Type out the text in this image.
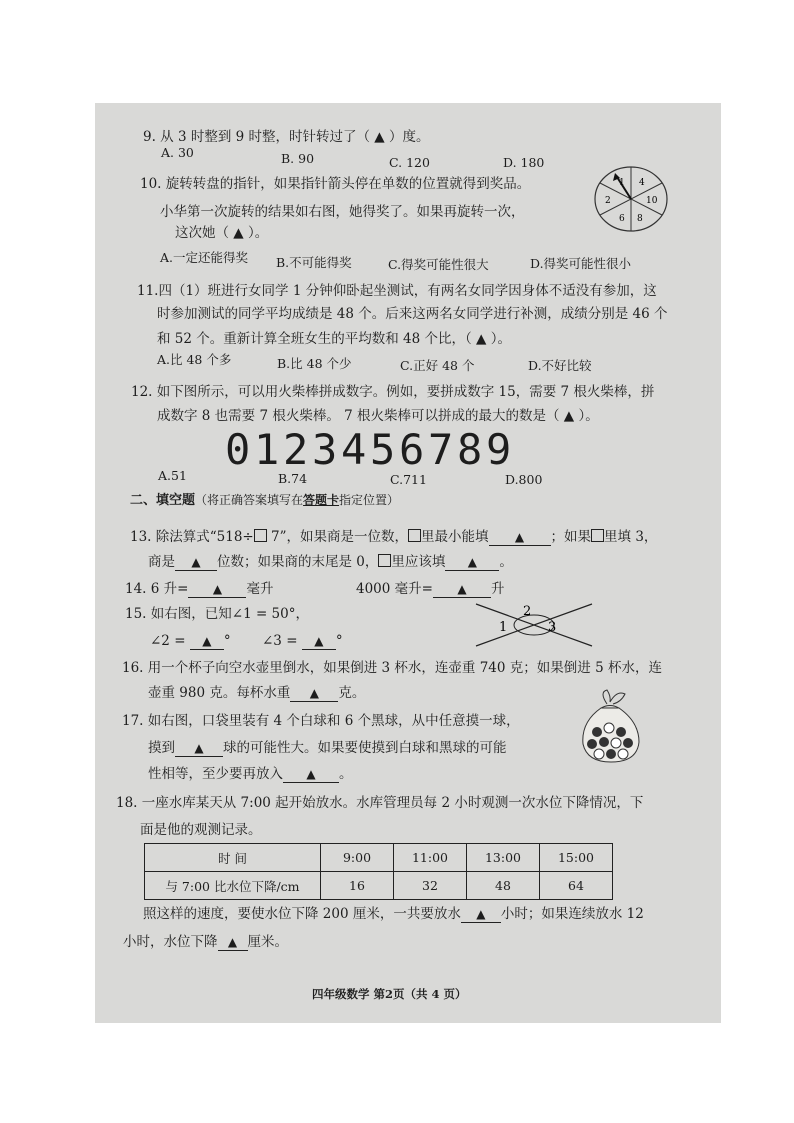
9. 从 3 时整到 9 时整，时针转过了（ ▲ ）度。
A. 30	B. 90	C. 120	D. 180
10. 旋转转盘的指针，如果指针箭头停在单数的位置就得到奖品。
小华第一次旋转的结果如右图，她得奖了。如果再旋转一次，
这次她（ ▲ ）。
1 4
2	10
6 8
A.一定还能得奖 B.不可能得奖	C.得奖可能性很大	D.得奖可能性很小
11.四（1）班进行女同学 1 分钟仰卧起坐测试，有两名女同学因身体不适没有参加，这
时参加测试的同学平均成绩是 48 个。后来这两名女同学进行补测，成绩分别是 46 个
和 52 个。重新计算全班女生的平均数和 48 个比，（ ▲ ）。
A.比 48 个多	B.比 48 个少	C.正好 48 个	D.不好比较
12. 如下图所示，可以用火柴棒拼成数字。例如，要拼成数字 15，需要 7 根火柴棒，拼
成数字 8 也需要 7 根火柴棒。 7 根火柴棒可以拼成的最大的数是（ ▲ ）。
0 1 2 3 4 5 6 7 8 9
A.51	B.74	C.711	D.800
二、填空题（将正确答案填写在答题卡指定位置）
13. 除法算式“518÷ 7”，如果商是一位数， 里最小能填 ▲ ；如果 里填 3，
商是 ▲ 位数；如果商的末尾是 0， 里应该填 ▲ 。
14. 6 升= ▲ 毫升	4000 毫升= ▲ 升
15. 如右图，已知∠1 = 50°，
∠2 = ▲ ° ∠3 = ▲ °
1
2
3
16. 用一个杯子向空水壶里倒水，如果倒进 3 杯水，连壶重 740 克；如果倒进 5 杯水，连
壶重 980 克。每杯水重 ▲ 克。
17. 如右图，口袋里装有 4 个白球和 6 个黑球，从中任意摸一球，
摸到 ▲ 球的可能性大。如果要使摸到白球和黑球的可能
性相等，至少要再放入 ▲ 。
18. 一座水库某天从 7:00 起开始放水。水库管理员每 2 小时观测一次水位下降情况，下
面是他的观测记录。
时 间	9:00	11:00	13:00	15:00
与 7:00 比水位下降/cm	16	32	48	64
照这样的速度，要使水位下降 200 厘米，一共要放水 ▲ 小时；如果连续放水 12
小时，水位下降 ▲ 厘米。
四年级数学 第2页（共 4 页）
